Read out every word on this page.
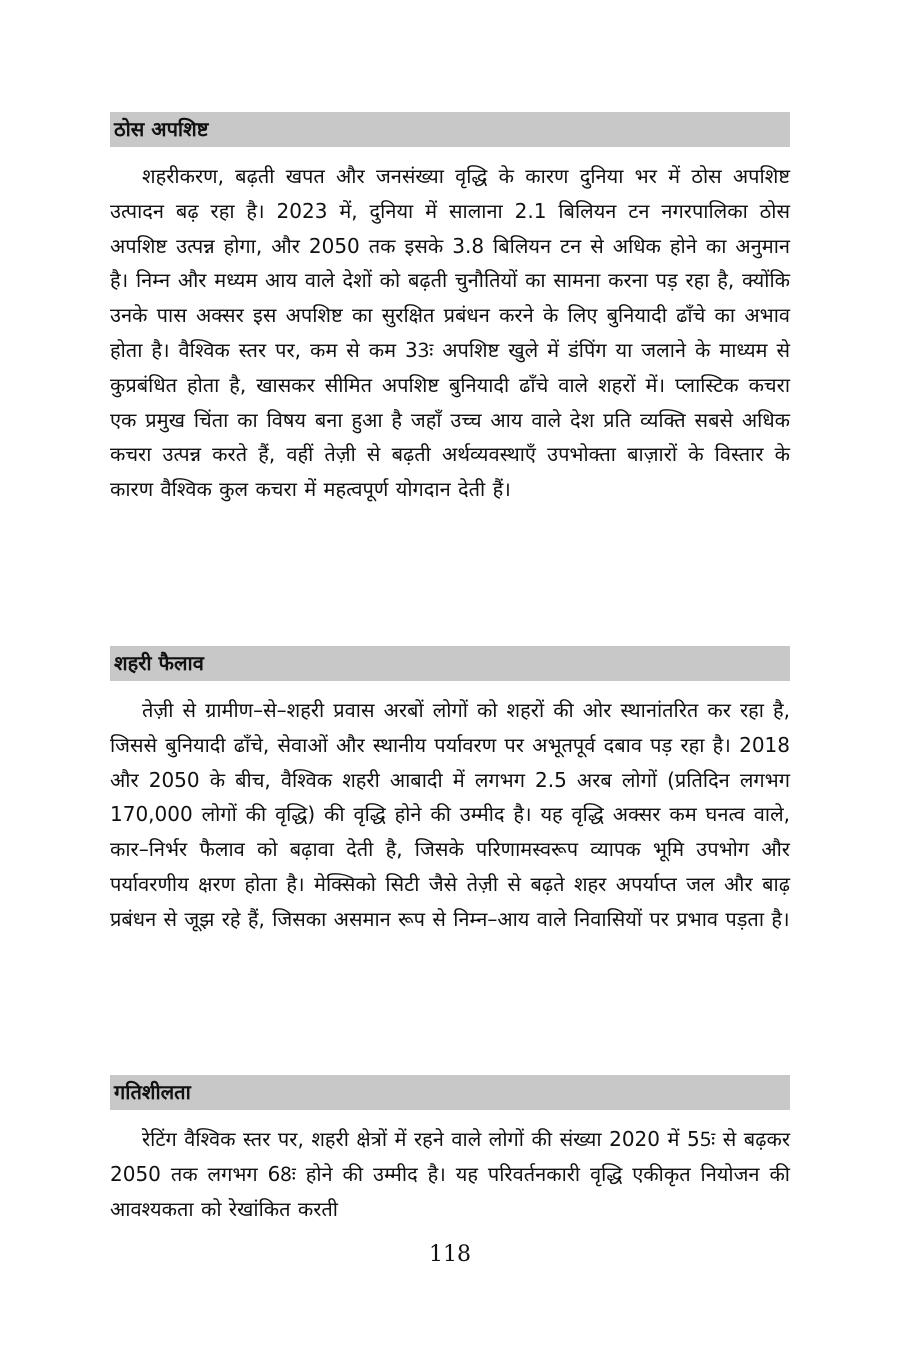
ठोस अपशिष्ट
शहरीकरण, बढ़ती खपत और जनसंख्या वृद्धि के कारण दुनिया भर में ठोस अपशिष्ट उत्पादन बढ़ रहा है। 2023 में, दुनिया में सालाना 2.1 बिलियन टन नगरपालिका ठोस अपशिष्ट उत्पन्न होगा, और 2050 तक इसके 3.8 बिलियन टन से अधिक होने का अनुमान है। निम्न और मध्यम आय वाले देशों को बढ़ती चुनौतियों का सामना करना पड़ रहा है, क्योंकि उनके पास अक्सर इस अपशिष्ट का सुरक्षित प्रबंधन करने के लिए बुनियादी ढाँचे का अभाव होता है। वैश्विक स्तर पर, कम से कम 33ः अपशिष्ट खुले में डंपिंग या जलाने के माध्यम से कुप्रबंधित होता है, खासकर सीमित अपशिष्ट बुनियादी ढाँचे वाले शहरों में। प्लास्टिक कचरा एक प्रमुख चिंता का विषय बना हुआ है जहाँ उच्च आय वाले देश प्रति व्यक्ति सबसे अधिक कचरा उत्पन्न करते हैं, वहीं तेज़ी से बढ़ती अर्थव्यवस्थाएँ उपभोक्ता बाज़ारों के विस्तार के कारण वैश्विक कुल कचरा में महत्वपूर्ण योगदान देती हैं।
शहरी फैलाव
तेज़ी से ग्रामीण–से–शहरी प्रवास अरबों लोगों को शहरों की ओर स्थानांतरित कर रहा है, जिससे बुनियादी ढाँचे, सेवाओं और स्थानीय पर्यावरण पर अभूतपूर्व दबाव पड़ रहा है। 2018 और 2050 के बीच, वैश्विक शहरी आबादी में लगभग 2.5 अरब लोगों (प्रतिदिन लगभग 170,000 लोगों की वृद्धि) की वृद्धि होने की उम्मीद है। यह वृद्धि अक्सर कम घनत्व वाले, कार–निर्भर फैलाव को बढ़ावा देती है, जिसके परिणामस्वरूप व्यापक भूमि उपभोग और पर्यावरणीय क्षरण होता है। मेक्सिको सिटी जैसे तेज़ी से बढ़ते शहर अपर्याप्त जल और बाढ़ प्रबंधन से जूझ रहे हैं, जिसका असमान रूप से निम्न–आय वाले निवासियों पर प्रभाव पड़ता है।
गतिशीलता
रेटिंग वैश्विक स्तर पर, शहरी क्षेत्रों में रहने वाले लोगों की संख्या 2020 में 55ः से बढ़कर 2050 तक लगभग 68ः होने की उम्मीद है। यह परिवर्तनकारी वृद्धि एकीकृत नियोजन की आवश्यकता को रेखांकित करती
118
